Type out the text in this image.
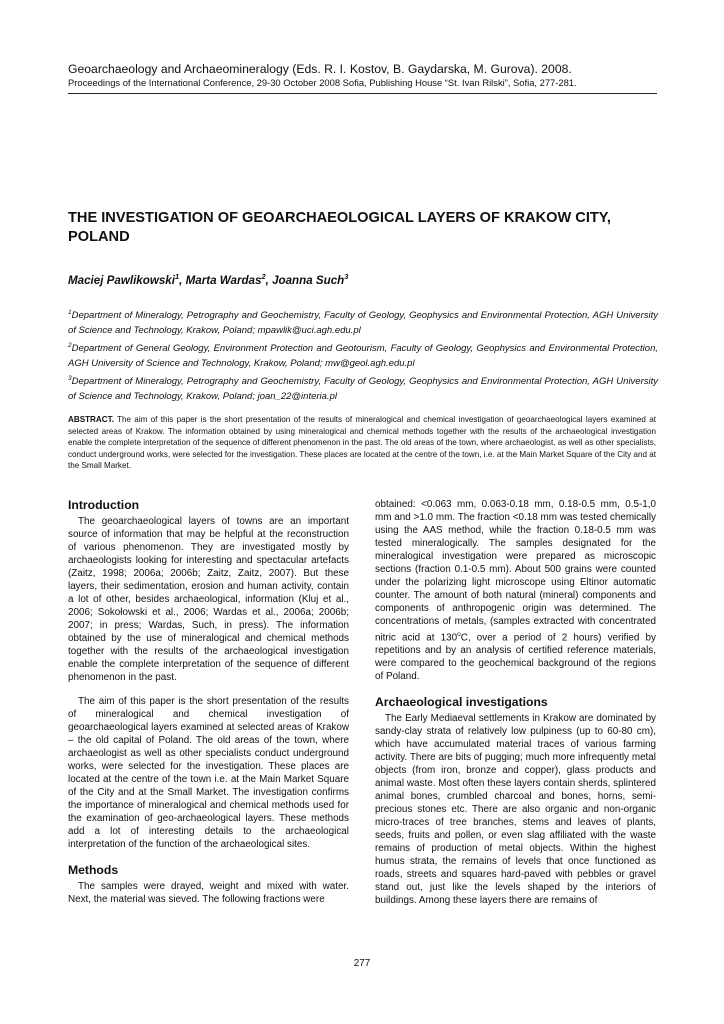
Geoarchaeology and Archaeomineralogy (Eds. R. I. Kostov, B. Gaydarska, M. Gurova). 2008.
Proceedings of the International Conference, 29-30 October 2008 Sofia, Publishing House “St. Ivan Rilski”, Sofia, 277-281.
THE INVESTIGATION OF GEOARCHAEOLOGICAL LAYERS OF KRAKOW CITY, POLAND
Maciej Pawlikowski$^1$, Marta Wardas$^2$, Joanna Such$^3$

$^1$Department of Mineralogy, Petrography and Geochemistry, Faculty of Geology, Geophysics and Environmental Protection, AGH University of Science and Technology, Krakow, Poland; mpawlik@uci.agh.edu.pl

$^2$Department of General Geology, Environment Protection and Geotourism, Faculty of Geology, Geophysics and Environmental Protection, AGH University of Science and Technology, Krakow, Poland; mw@geol.agh.edu.pl

$^3$Department of Mineralogy, Petrography and Geochemistry, Faculty of Geology, Geophysics and Environmental Protection, AGH University of Science and Technology, Krakow, Poland; joan_22@interia.pl

ABSTRACT. The aim of this paper is the short presentation of the results of mineralogical and chemical investigation of geoarchaeological layers examined at selected areas of Krakow. The information obtained by using mineralogical and chemical methods together with the results of the archaeological investigation enable the complete interpretation of the sequence of different phenomenon in the past. The old areas of the town, where archaeologist, as well as other specialists, conduct underground works, were selected for the investigation. These places are located at the centre of the town, i.e. at the Main Market Square of the City and at the Small Market.

Introduction

The geoarchaeological layers of towns are an important source of information that may be helpful at the reconstruction of various phenomenon. They are investigated mostly by archaeologists looking for interesting and spectacular artefacts (Zaitz, 1998; 2006a; 2006b; Zaitz, Zaitz, 2007). But these layers, their sedimentation, erosion and human activity, contain a lot of other, besides archaeological, information (Kluj et al., 2006; Sokołowski et al., 2006; Wardas et al., 2006a; 2006b; 2007; in press; Wardas, Such, in press). The information obtained by the use of mineralogical and chemical methods together with the results of the archaeological investigation enable the complete interpretation of the sequence of different phenomenon in the past.

The aim of this paper is the short presentation of the results of mineralogical and chemical investigation of geoarchaeological layers examined at selected areas of Krakow – the old capital of Poland. The old areas of the town, where archaeologist as well as other specialists conduct underground works, were selected for the investigation. These places are located at the centre of the town i.e. at the Main Market Square of the City and at the Small Market. The investigation confirms the importance of mineralogical and chemical methods used for the examination of geo-archaeological layers. These methods add a lot of interesting details to the archaeological interpretation of the function of the archaeological sites.

Methods

The samples were drayed, weight and mixed with water. Next, the material was sieved. The following fractions were

obtained: <0.063 mm, 0.063-0.18 mm, 0.18-0.5 mm, 0.5-1,0 mm and >1.0 mm. The fraction <0.18 mm was tested chemically using the AAS method, while the fraction 0.18-0.5 mm was tested mineralogically. The samples designated for the mineralogical investigation were prepared as microscopic sections (fraction 0.1-0.5 mm). About 500 grains were counted under the polarizing light microscope using Eltinor automatic counter. The amount of both natural (mineral) components and components of anthropogenic origin was determined. The concentrations of metals, (samples extracted with concentrated nitric acid at 130$^o$C, over a period of 2 hours) verified by repetitions and by an analysis of certified reference materials, were compared to the geochemical background of the regions of Poland.

Archaeological investigations

The Early Mediaeval settlements in Krakow are dominated by sandy-clay strata of relatively low pulpiness (up to 60-80 cm), which have accumulated material traces of various farming activity. There are bits of pugging; much more infrequently metal objects (from iron, bronze and copper), glass products and animal waste. Most often these layers contain sherds, splintered animal bones, crumbled charcoal and bones, horns, semi-precious stones etc. There are also organic and non-organic micro-traces of tree branches, stems and leaves of plants, seeds, fruits and pollen, or even slag affiliated with the waste remains of production of metal objects. Within the highest humus strata, the remains of levels that once functioned as roads, streets and squares hard-paved with pebbles or gravel stand out, just like the levels shaped by the interiors of buildings. Among these layers there are remains of

277
